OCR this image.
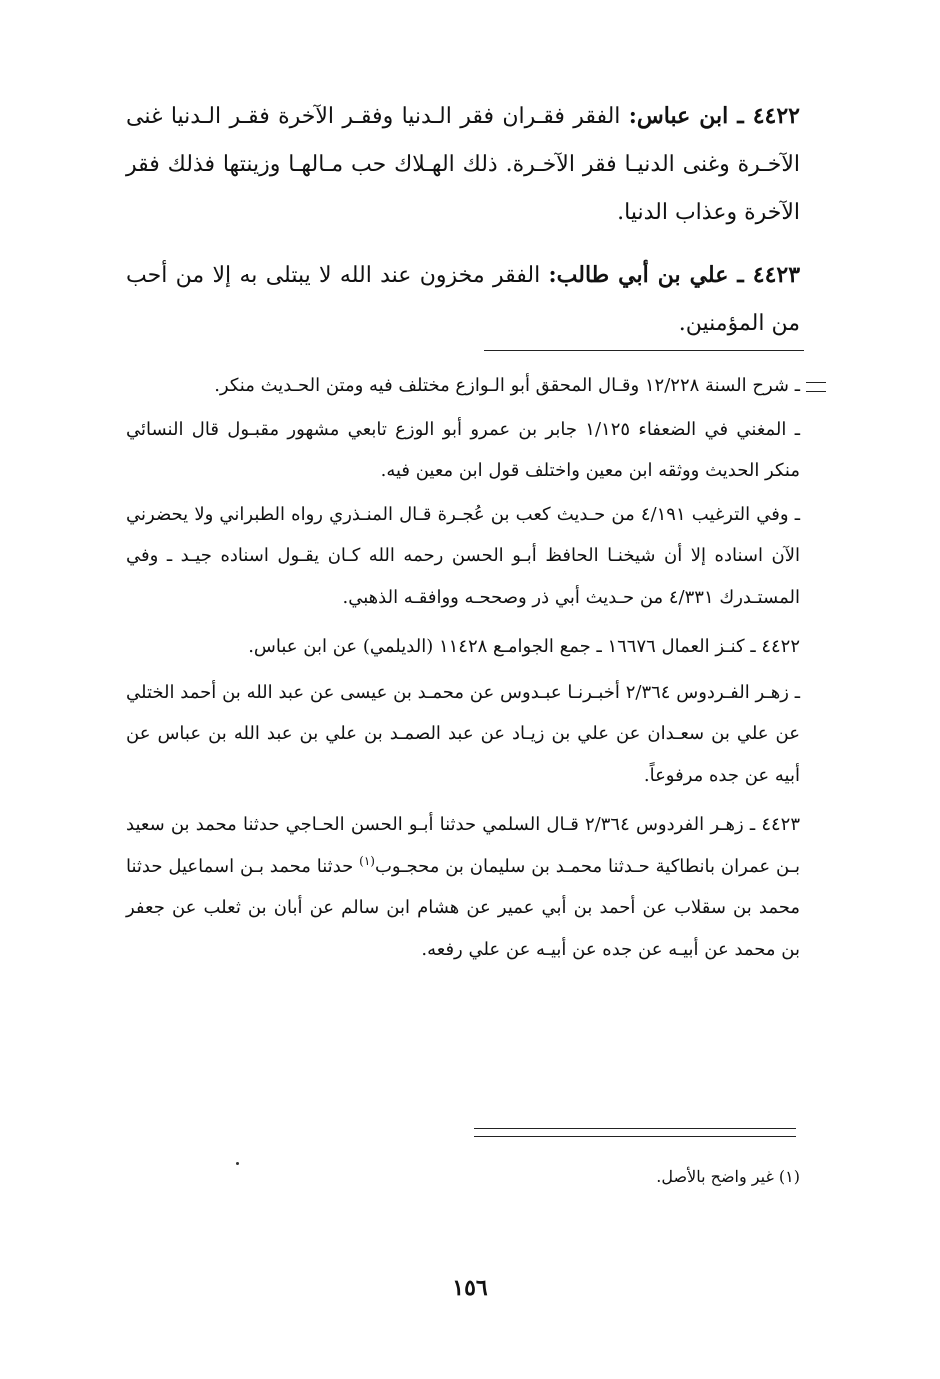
٤٤٢٢ ـ ابن عباس: الفقر فقـران فقر الـدنيا وفقـر الآخرة فقـر الـدنيا غنى الآخـرة وغنى الدنيـا فقر الآخـرة. ذلك الهـلاك حب مـالهـا وزينتها فذلك فقر الآخرة وعذاب الدنيا.

٤٤٢٣ ـ علي بن أبي طالب: الفقر مخزون عند الله لا يبتلى به إلا من أحب من المؤمنين.

ـ شرح السنة ١٢/٢٢٨ وقـال المحقق أبو الـوازع مختلف فيه ومتن الحـديث منكر.

ـ المغني في الضعفاء ١/١٢٥ جابر بن عمرو أبو الوزع تابعي مشهور مقبـول قال النسائي منكر الحديث ووثقه ابن معين واختلف قول ابن معين فيه.

ـ وفي الترغيب ٤/١٩١ من حـديث كعب بن عُجـرة قـال المنـذري رواه الطبراني ولا يحضرني الآن اسناده إلا أن شيخنـا الحافظ أبـو الحسن رحمه الله كـان يقـول اسناده جيـد ـ وفي المستـدرك ٤/٣٣١ من حـديث أبي ذر وصححـه ووافقـه الذهبي.

٤٤٢٢ ـ كنـز العمال ١٦٦٧٦ ـ جمع الجوامـع ١١٤٢٨ (الديلمي) عن ابن عباس.

ـ زهـر الفـردوس ٢/٣٦٤ أخبـرنـا عبـدوس عن محمـد بن عيسى عن عبد الله بن أحمد الختلي عن علي بن سعـدان عن علي بن زيـاد عن عبد الصمـد بن علي بن عبد الله بن عباس عن أبيه عن جده مرفوعاً.

٤٤٢٣ ـ زهـر الفردوس ٢/٣٦٤ قـال السلمي حدثنا أبـو الحسن الحـاجي حدثنا محمد بن سعيد بـن عمران بانطاكية حـدثنا محمـد بن سليمان بن محجـوب$^{(١)}$ حدثنا محمد بـن اسماعيل حدثنا محمد بن سقلاب عن أحمد بن أبي عمير عن هشام ابن سالم عن أبان بن ثعلب عن جعفر بن محمد عن أبيـه عن جده عن أبيـه عن علي رفعه.

(١) غير واضح بالأصل.

١٥٦
